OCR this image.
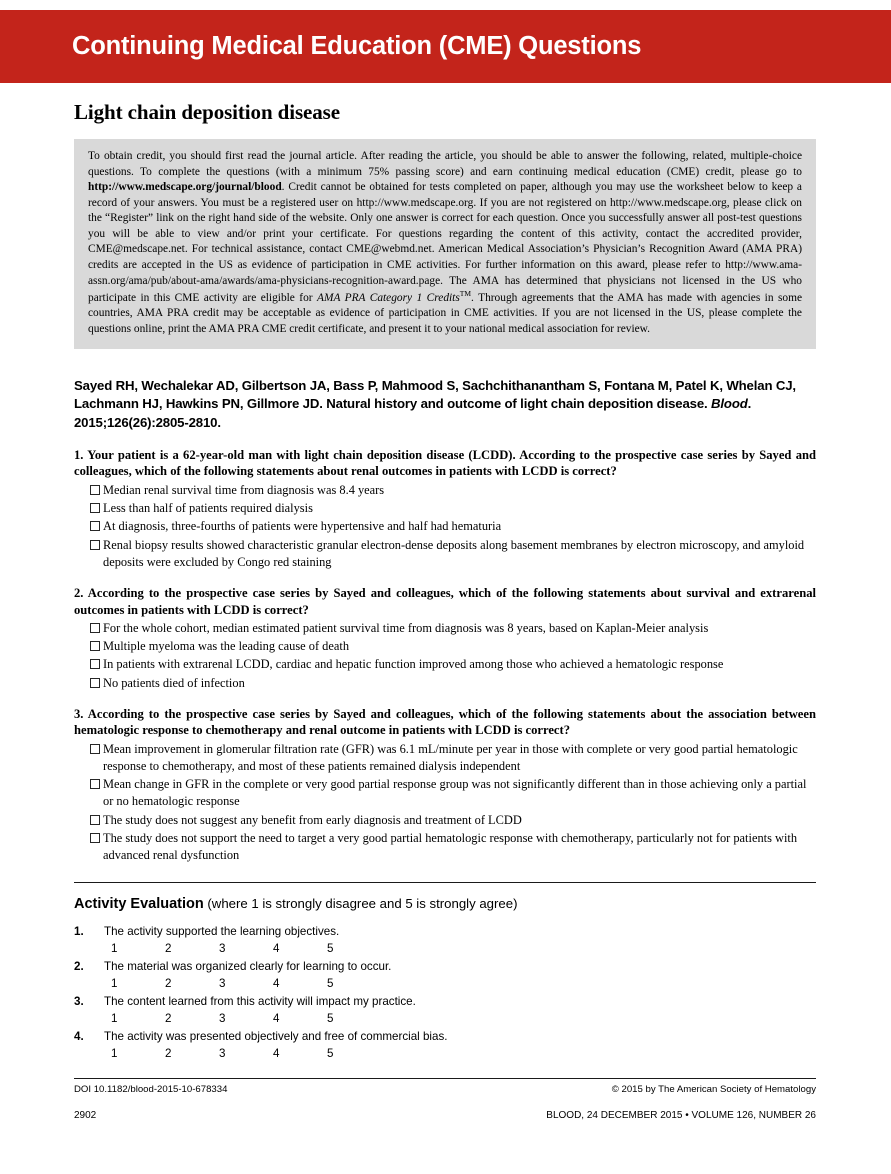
Continuing Medical Education (CME) Questions
Light chain deposition disease

To obtain credit, you should first read the journal article. After reading the article, you should be able to answer the following, related, multiple-choice questions. To complete the questions (with a minimum 75% passing score) and earn continuing medical education (CME) credit, please go to http://www.medscape.org/journal/blood. Credit cannot be obtained for tests completed on paper, although you may use the worksheet below to keep a record of your answers. You must be a registered user on http://www.medscape.org. If you are not registered on http://www.medscape.org, please click on the “Register” link on the right hand side of the website. Only one answer is correct for each question. Once you successfully answer all post-test questions you will be able to view and/or print your certificate. For questions regarding the content of this activity, contact the accredited provider, CME@medscape.net. For technical assistance, contact CME@webmd.net. American Medical Association’s Physician’s Recognition Award (AMA PRA) credits are accepted in the US as evidence of participation in CME activities. For further information on this award, please refer to http://www.ama-assn.org/ama/pub/about-ama/awards/ama-physicians-recognition-award.page. The AMA has determined that physicians not licensed in the US who participate in this CME activity are eligible for AMA PRA Category 1 Credits™. Through agreements that the AMA has made with agencies in some countries, AMA PRA credit may be acceptable as evidence of participation in CME activities. If you are not licensed in the US, please complete the questions online, print the AMA PRA CME credit certificate, and present it to your national medical association for review.

Sayed RH, Wechalekar AD, Gilbertson JA, Bass P, Mahmood S, Sachchithanantham S, Fontana M, Patel K, Whelan CJ, Lachmann HJ, Hawkins PN, Gillmore JD. Natural history and outcome of light chain deposition disease. Blood. 2015;126(26):2805-2810.

1. Your patient is a 62-year-old man with light chain deposition disease (LCDD). According to the prospective case series by Sayed and colleagues, which of the following statements about renal outcomes in patients with LCDD is correct?

Median renal survival time from diagnosis was 8.4 years
Less than half of patients required dialysis
At diagnosis, three-fourths of patients were hypertensive and half had hematuria
Renal biopsy results showed characteristic granular electron-dense deposits along basement membranes by electron microscopy, and amyloid deposits were excluded by Congo red staining

2. According to the prospective case series by Sayed and colleagues, which of the following statements about survival and extrarenal outcomes in patients with LCDD is correct?

For the whole cohort, median estimated patient survival time from diagnosis was 8 years, based on Kaplan-Meier analysis
Multiple myeloma was the leading cause of death
In patients with extrarenal LCDD, cardiac and hepatic function improved among those who achieved a hematologic response
No patients died of infection

3. According to the prospective case series by Sayed and colleagues, which of the following statements about the association between hematologic response to chemotherapy and renal outcome in patients with LCDD is correct?

Mean improvement in glomerular filtration rate (GFR) was 6.1 mL/minute per year in those with complete or very good partial hematologic response to chemotherapy, and most of these patients remained dialysis independent
Mean change in GFR in the complete or very good partial response group was not significantly different than in those achieving only a partial or no hematologic response
The study does not suggest any benefit from early diagnosis and treatment of LCDD
The study does not support the need to target a very good partial hematologic response with chemotherapy, particularly not for patients with advanced renal dysfunction
Activity Evaluation (where 1 is strongly disagree and 5 is strongly agree)
1.	The activity supported the learning objectives.
1	2	3	4	5
2.	The material was organized clearly for learning to occur.
1	2	3	4	5
3.	The content learned from this activity will impact my practice.
1	2	3	4	5
4.	The activity was presented objectively and free of commercial bias.
1	2	3	4	5
DOI 10.1182/blood-2015-10-678334	© 2015 by The American Society of Hematology
2902	BLOOD, 24 DECEMBER 2015 • VOLUME 126, NUMBER 26
